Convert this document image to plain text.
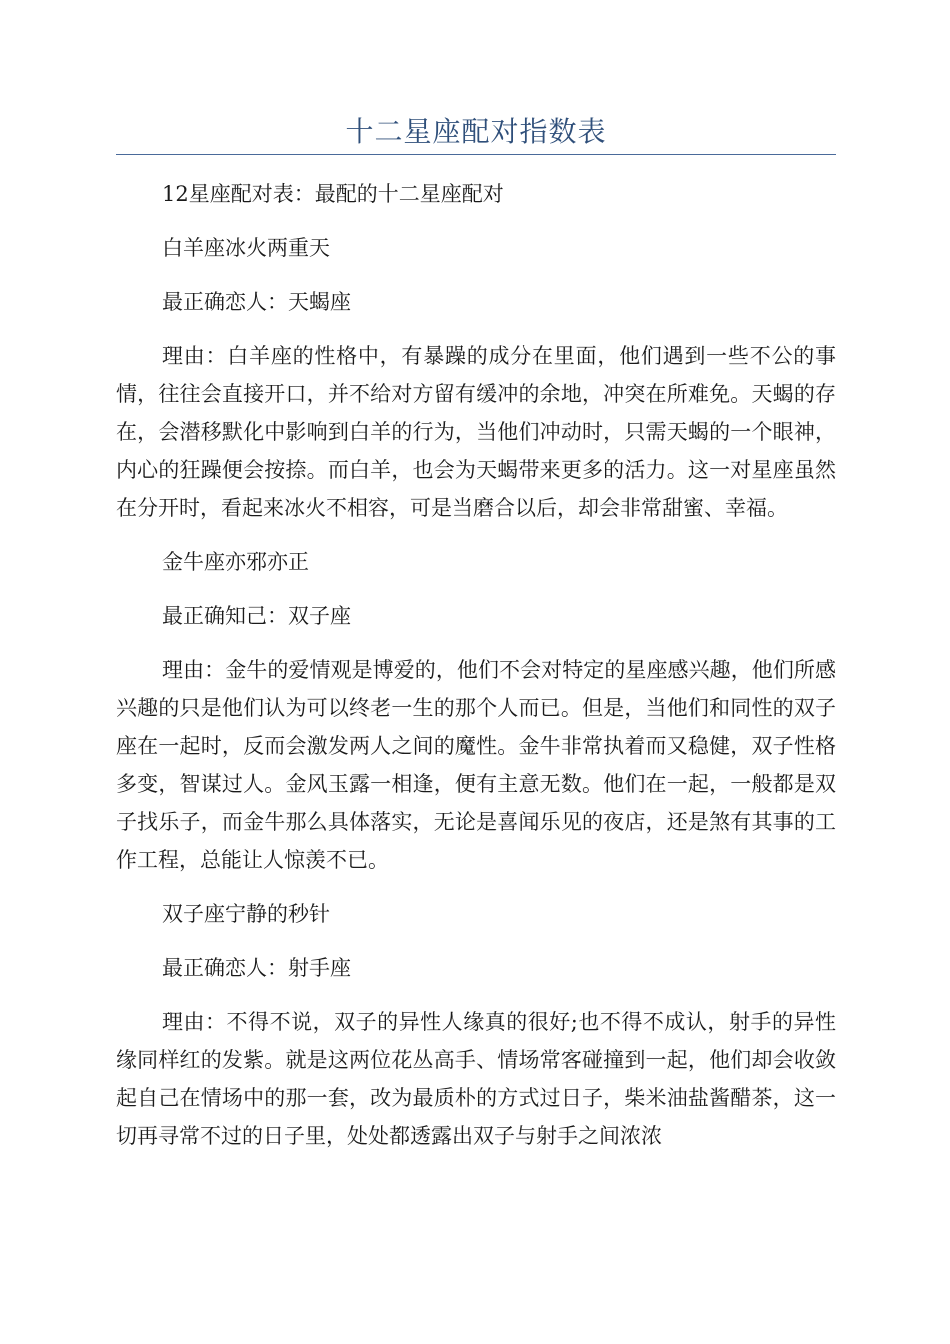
十二星座配对指数表

12星座配对表：最配的十二星座配对

白羊座冰火两重天

最正确恋人：天蝎座

理由：白羊座的性格中，有暴躁的成分在里面，他们遇到一些不公的事情，往往会直接开口，并不给对方留有缓冲的余地，冲突在所难免。天蝎的存在，会潜移默化中影响到白羊的行为，当他们冲动时，只需天蝎的一个眼神，内心的狂躁便会按捺。而白羊，也会为天蝎带来更多的活力。这一对星座虽然在分开时，看起来冰火不相容，可是当磨合以后，却会非常甜蜜、幸福。

金牛座亦邪亦正

最正确知己：双子座

理由：金牛的爱情观是博爱的，他们不会对特定的星座感兴趣，他们所感兴趣的只是他们认为可以终老一生的那个人而已。但是，当他们和同性的双子座在一起时，反而会激发两人之间的魔性。金牛非常执着而又稳健，双子性格多变，智谋过人。金风玉露一相逢，便有主意无数。他们在一起，一般都是双子找乐子，而金牛那么具体落实，无论是喜闻乐见的夜店，还是煞有其事的工作工程，总能让人惊羡不已。

双子座宁静的秒针

最正确恋人：射手座

理由：不得不说，双子的异性人缘真的很好;也不得不成认，射手的异性缘同样红的发紫。就是这两位花丛高手、情场常客碰撞到一起，他们却会收敛起自己在情场中的那一套，改为最质朴的方式过日子，柴米油盐酱醋茶，这一切再寻常不过的日子里，处处都透露出双子与射手之间浓浓
